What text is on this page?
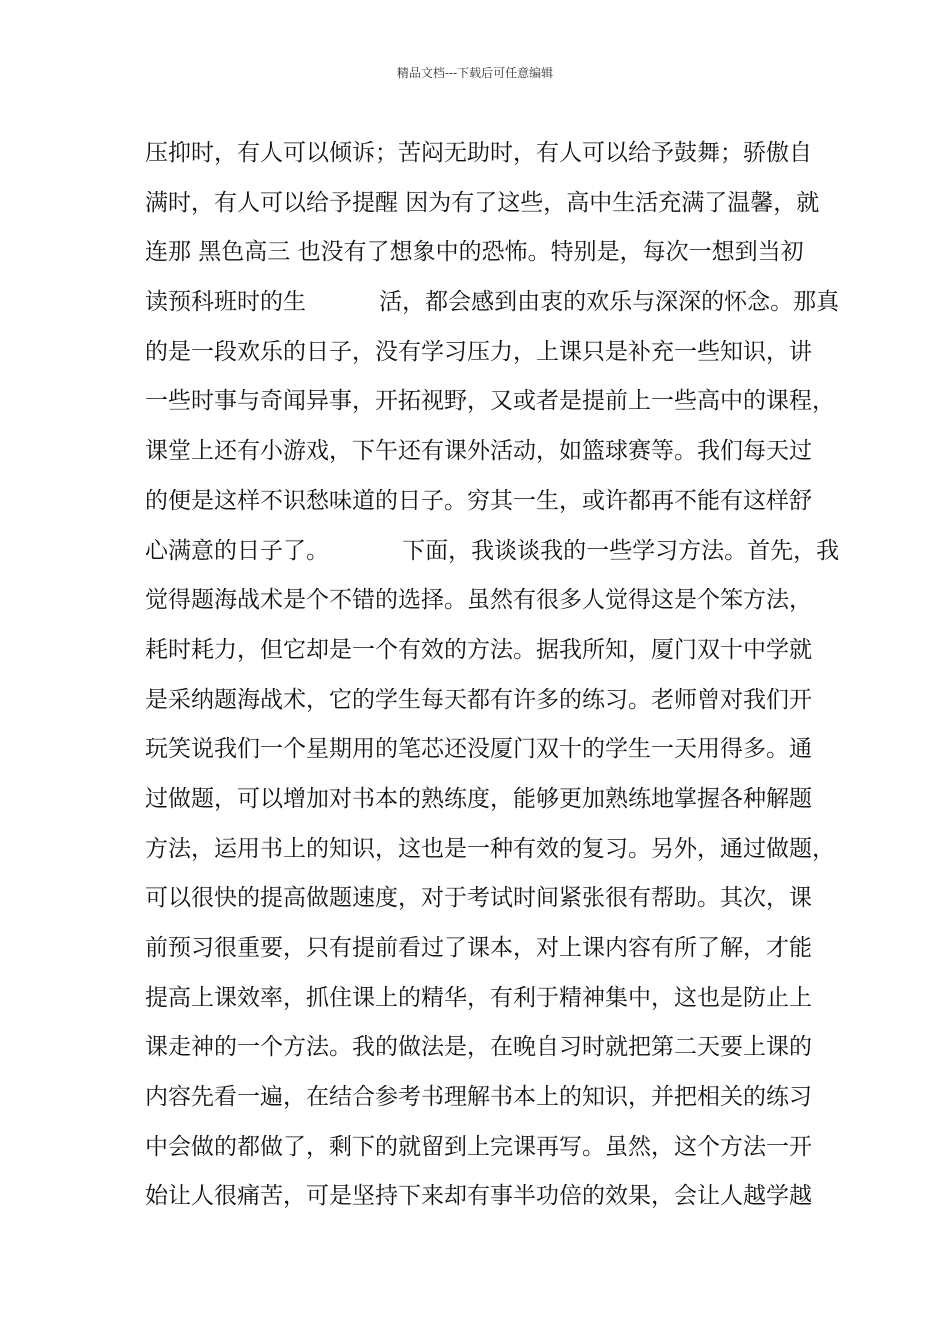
精品文档---下载后可任意编辑
压抑时，有人可以倾诉；苦闷无助时，有人可以给予鼓舞；骄傲自
满时，有人可以给予提醒 因为有了这些，高中生活充满了温馨，就
连那 黑色高三 也没有了想象中的恐怖。特别是，每次一想到当初
读预科班时的生          活，都会感到由衷的欢乐与深深的怀念。那真
的是一段欢乐的日子，没有学习压力，上课只是补充一些知识，讲
一些时事与奇闻异事，开拓视野，又或者是提前上一些高中的课程，
课堂上还有小游戏，下午还有课外活动，如篮球赛等。我们每天过
的便是这样不识愁味道的日子。穷其一生，或许都再不能有这样舒
心满意的日子了。          下面，我谈谈我的一些学习方法。首先，我
觉得题海战术是个不错的选择。虽然有很多人觉得这是个笨方法，
耗时耗力，但它却是一个有效的方法。据我所知，厦门双十中学就
是采纳题海战术，它的学生每天都有许多的练习。老师曾对我们开
玩笑说我们一个星期用的笔芯还没厦门双十的学生一天用得多。通
过做题，可以增加对书本的熟练度，能够更加熟练地掌握各种解题
方法，运用书上的知识，这也是一种有效的复习。另外，通过做题，
可以很快的提高做题速度，对于考试时间紧张很有帮助。其次，课
前预习很重要，只有提前看过了课本，对上课内容有所了解，才能
提高上课效率，抓住课上的精华，有利于精神集中，这也是防止上
课走神的一个方法。我的做法是，在晚自习时就把第二天要上课的
内容先看一遍，在结合参考书理解书本上的知识，并把相关的练习
中会做的都做了，剩下的就留到上完课再写。虽然，这个方法一开
始让人很痛苦，可是坚持下来却有事半功倍的效果，会让人越学越
